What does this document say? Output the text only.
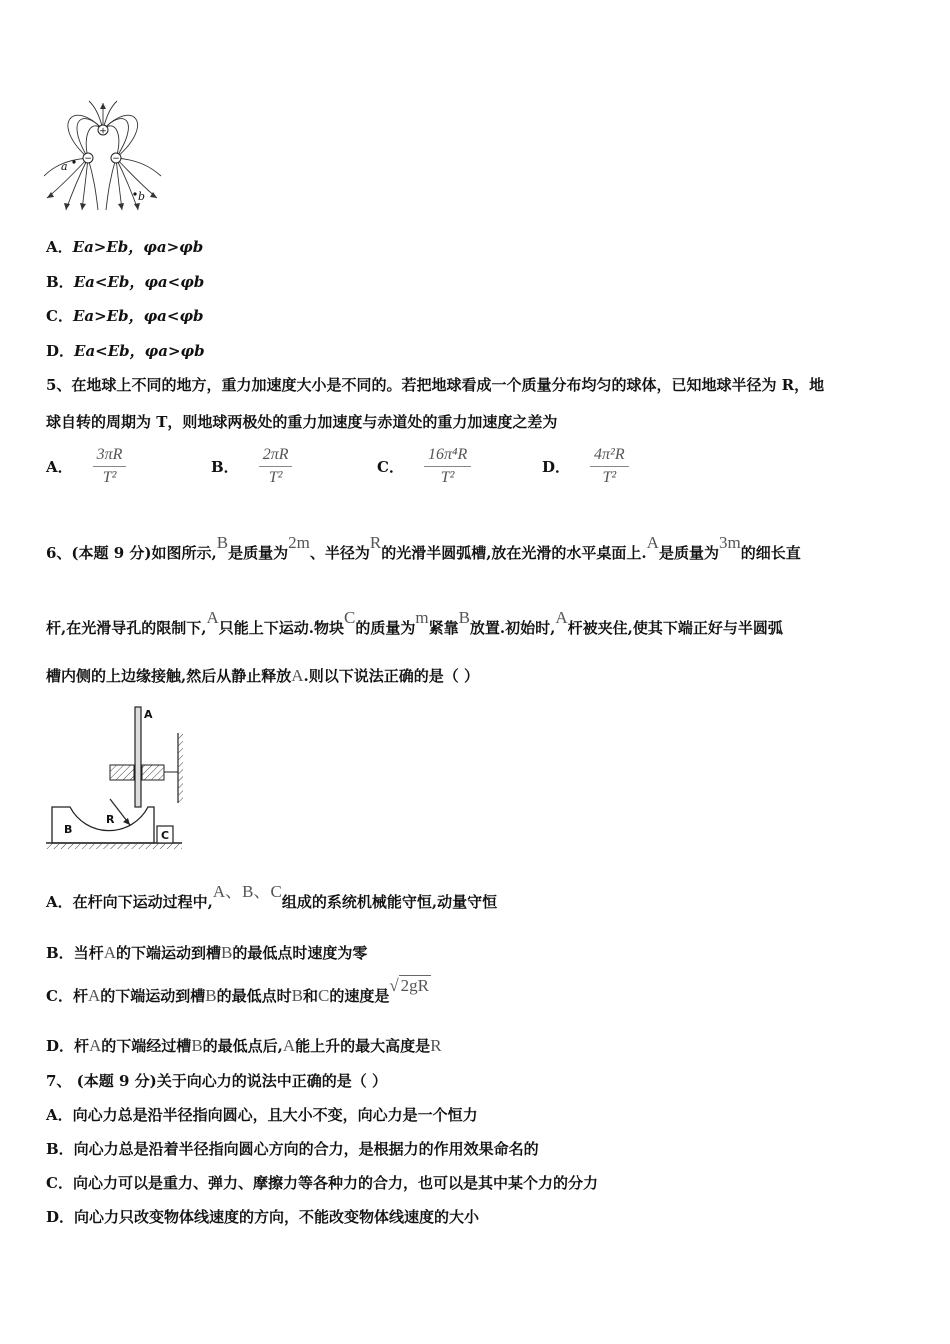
+
− −
a
b
A．Ea>Eb，φa>φb
B．Ea<Eb，φa<φb
C．Ea>Eb，φa<φb
D．Ea<Eb，φa>φb
5、在地球上不同的地方，重力加速度大小是不同的。若把地球看成一个质量分布均匀的球体，已知地球半径为 R，地
球自转的周期为 T，则地球两极处的重力加速度与赤道处的重力加速度之差为
A． $\frac{3\pi R}{\text{T²}}$	B． $\frac{2\pi R}{\text{T²}}$	C． $\frac{\text{16π⁴R}}{\text{T²}}$	D． $\frac{\text{4π²R}}{\text{T²}}$
6、(本题 9 分)如图所示,B是质量为2m、半径为R的光滑半圆弧槽,放在光滑的水平桌面上.A是质量为3m的细长直
杆,在光滑导孔的限制下,A只能上下运动.物块C的质量为m紧靠B放置.初始时,A杆被夹住,使其下端正好与半圆弧
槽内侧的上边缘接触,然后从静止释放A.则以下说法正确的是（ ）
R
B	C
A
A．在杆向下运动过程中,A、B、C组成的系统机械能守恒,动量守恒
B．当杆A的下端运动到槽B的最低点时速度为零
C．杆A的下端运动到槽B的最低点时B和C的速度是√ 2gR
D．杆A的下端经过槽B的最低点后,A能上升的最大高度是R
7、 (本题 9 分)关于向心力的说法中正确的是（ ）
A．向心力总是沿半径指向圆心，且大小不变，向心力是一个恒力
B．向心力总是沿着半径指向圆心方向的合力，是根据力的作用效果命名的
C．向心力可以是重力、弹力、摩擦力等各种力的合力，也可以是其中某个力的分力
D．向心力只改变物体线速度的方向，不能改变物体线速度的大小
